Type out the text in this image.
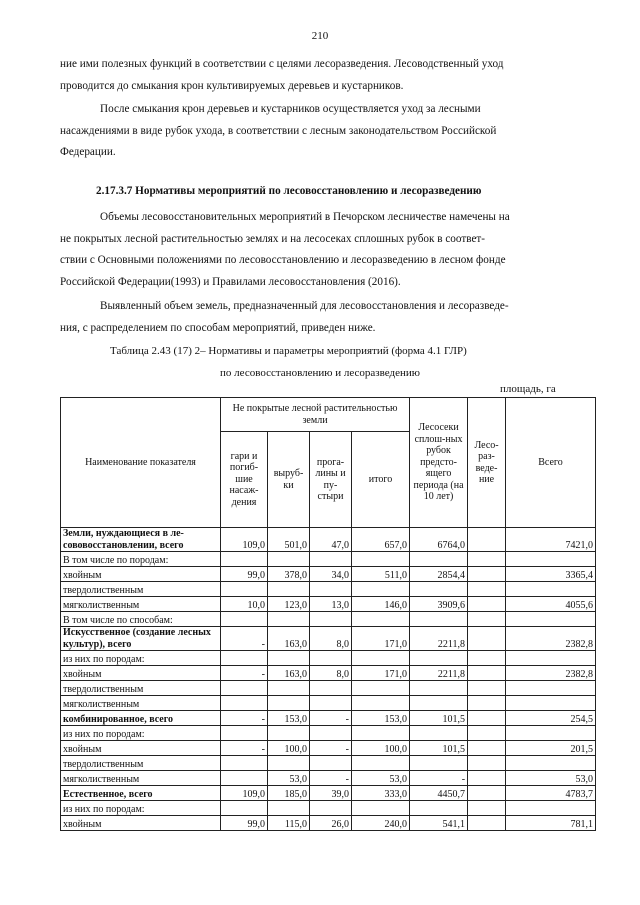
210

ние ими полезных функций в соответствии с целями лесоразведения. Лесоводственный уход

проводится до смыкания крон культивируемых деревьев и кустарников.

После смыкания крон деревьев и кустарников осуществляется уход за лесными

насаждениями в виде рубок ухода, в соответствии с лесным законодательством Российской

Федерации.

2.17.3.7 Нормативы мероприятий по лесовосстановлению и лесоразведению

Объемы лесовосстановительных мероприятий в Печорском лесничестве намечены на

не покрытых лесной растительностью землях и на лесосеках сплошных рубок в соответ-

ствии с Основными положениями по лесовосстановлению и лесоразведению в лесном фонде

Российской Федерации(1993) и Правилами лесовосстановления (2016).

Выявленный объем земель, предназначенный для лесовосстановления и лесоразведе-

ния, с распределением по способам мероприятий, приведен ниже.

Таблица 2.43 (17) 2– Нормативы и параметры мероприятий (форма 4.1 ГЛР)
по лесовосстановлению и лесоразведению
площадь, га
Наименование показателя	Не покрытые лесной растительностью земли				Лесосеки сплош-ных рубок предсто-ящего периода (на 10 лет)	Лесо-раз-веде-ние	Всего
	гари и погиб-шие насаж-дения	выруб-ки	прога-лины и пу-стыри	итого			
Земли, нуждающиеся в ле-сововосстановлении, всего	109,0	501,0	47,0	657,0	6764,0		7421,0
В том числе по породам:							
хвойным	99,0	378,0	34,0	511,0	2854,4		3365,4
твердолиственным							
мягколиственным	10,0	123,0	13,0	146,0	3909,6		4055,6
В том числе по способам:							
Искусственное (создание лесных культур), всего	-	163,0	8,0	171,0	2211,8		2382,8
из них по породам:							
хвойным	-	163,0	8,0	171,0	2211,8		2382,8
твердолиственным							
мягколиственным							
комбинированное, всего	-	153,0	-	153,0	101,5		254,5
из них по породам:							
хвойным	-	100,0	-	100,0	101,5		201,5
твердолиственным							
мягколиственным		53,0	-	53,0	-		53,0
Естественное, всего	109,0	185,0	39,0	333,0	4450,7		4783,7
из них по породам:							
хвойным	99,0	115,0	26,0	240,0	541,1		781,1
